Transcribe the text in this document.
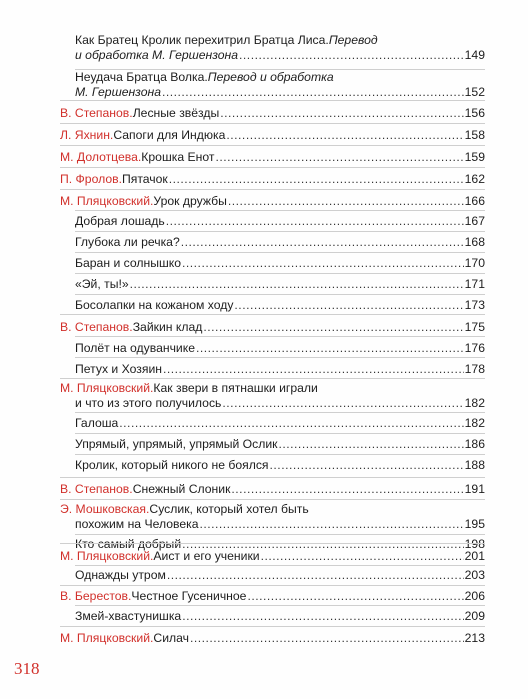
Как Братец Кролик перехитрил Братца Лиса. Перевод
и обработка М. Гершензона .....	149
Неудача Братца Волка. Перевод и обработка
М. Гершензона .....	152
В. Степанов. Лесные звёзды .....	156
Л. Яхнин. Сапоги для Индюка .....	158
М. Долотцева. Крошка Енот .....	159
П. Фролов. Пятачок .....	162
М. Пляцковский. Урок дружбы .....	166
Добрая лошадь .....	167
Глубока ли речка? .....	168
Баран и солнышко .....	170
«Эй, ты!» .....	171
Босолапки на кожаном ходу .....	173
В. Степанов. Зайкин клад .....	175
Полёт на одуванчике .....	176
Петух и Хозяин .....	178
М. Пляцковский. Как звери в пятнашки играли
и что из этого получилось .....	182
Галоша .....	182
Упрямый, упрямый, упрямый Ослик .....	186
Кролик, который никого не боялся .....	188
В. Степанов. Снежный Слоник .....	191
Э. Мошковская. Суслик, который хотел быть
похожим на Человека .....	195
Кто самый добрый .....	198
М. Пляцковский. Аист и его ученики .....	201
Однажды утром .....	203
В. Берестов. Честное Гусеничное .....	206
Змей-хвастунишка .....	209
М. Пляцковский. Силач .....	213
318
